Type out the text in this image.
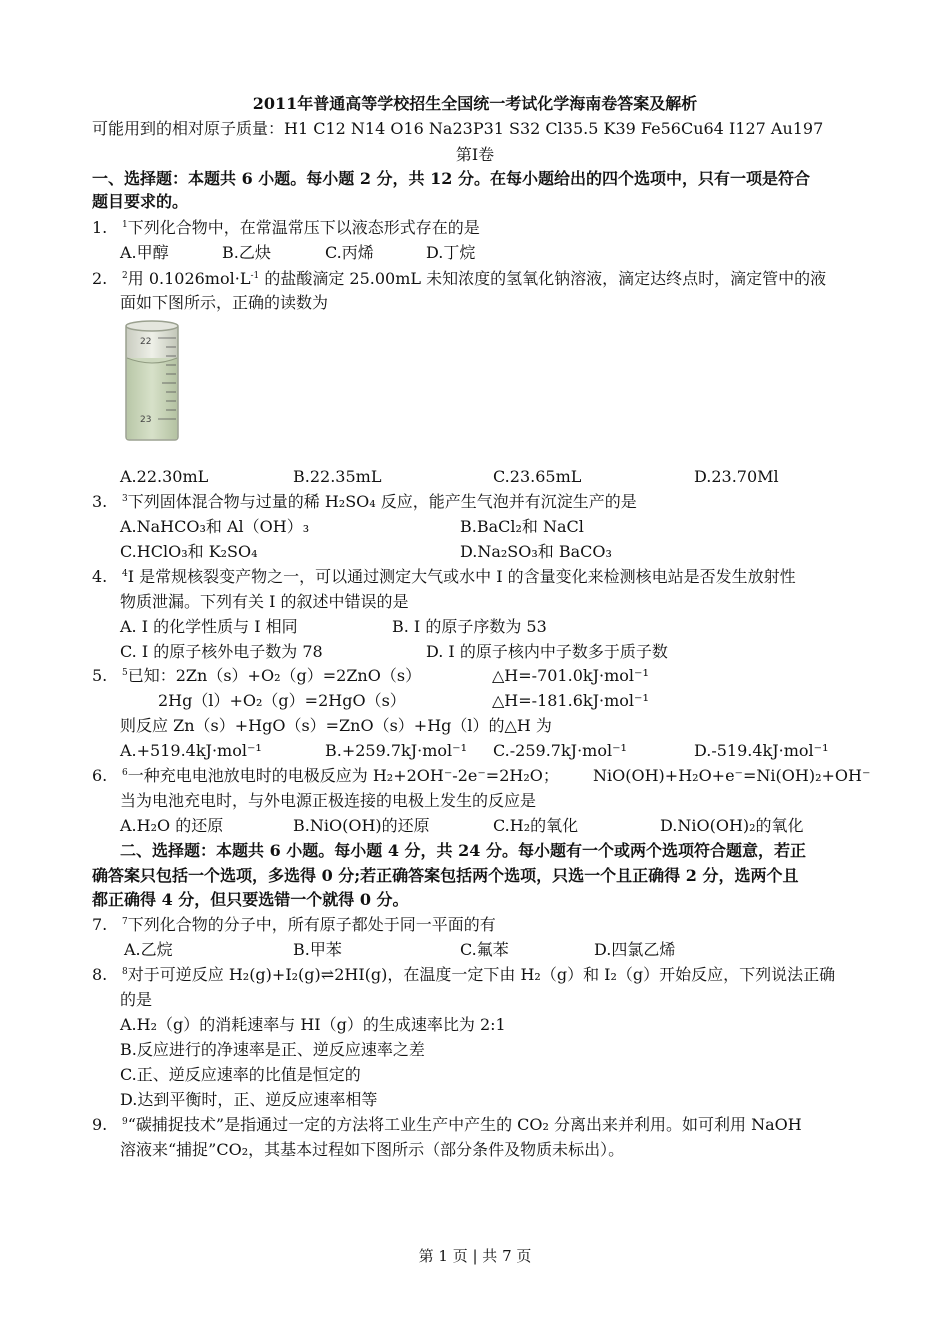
2011年普通高等学校招生全国统一考试化学海南卷答案及解析
可能用到的相对原子质量：H1 C12 N14 O16 Na23P31 S32 Cl35.5 K39 Fe56Cu64 I127 Au197
第Ⅰ卷
一、选择题：本题共 6 小题。每小题 2 分，共 12 分。在每小题给出的四个选项中，只有一项是符合
题目要求的。
1. $^1$下列化合物中，在常温常压下以液态形式存在的是
A.甲醇	B.乙炔	C.丙烯	D.丁烷
2. $^2$用 $0.1026mol\cdot L^{-1}$ 的盐酸滴定 25.00mL 未知浓度的氢氧化钠溶液，滴定达终点时，滴定管中的液
面如下图所示，正确的读数为
22
23
A.22.30mL	B.22.35mL	C.23.65mL	D.23.70Ml
3. $^3$下列固体混合物与过量的稀 H₂SO₄ 反应，能产生气泡并有沉淀生产的是
A.NaHCO₃和 Al（OH）₃	B.BaCl₂和 NaCl
C.HClO₃和 K₂SO₄	D.Na₂SO₃和 BaCO₃
4. $^4$I 是常规核裂变产物之一，可以通过测定大气或水中 I 的含量变化来检测核电站是否发生放射性
物质泄漏。下列有关 I 的叙述中错误的是
A. I 的化学性质与 I 相同	B. I 的原子序数为 53
C. I 的原子核外电子数为 78	D. I 的原子核内中子数多于质子数
5. $^5$已知：2Zn（s）+O₂（g）=2ZnO（s）	△H=-701.0kJ·mol⁻¹
2Hg（l）+O₂（g）=2HgO（s）	△H=-181.6kJ·mol⁻¹
则反应 Zn（s）+HgO（s）=ZnO（s）+Hg（l）的△H 为
A.+519.4kJ·mol⁻¹	B.+259.7kJ·mol⁻¹ C.-259.7kJ·mol⁻¹	D.-519.4kJ·mol⁻¹
6. $^6$一种充电电池放电时的电极反应为 H₂+2OH⁻-2e⁻=2H₂O； NiO(OH)+H₂O+e⁻=Ni(OH)₂+OH⁻
当为电池充电时，与外电源正极连接的电极上发生的反应是
A.H₂O 的还原	B.NiO(OH)的还原	C.H₂的氧化	D.NiO(OH)₂的氧化
二、选择题：本题共 6 小题。每小题 4 分，共 24 分。每小题有一个或两个选项符合题意，若正
确答案只包括一个选项，多选得 0 分;若正确答案包括两个选项，只选一个且正确得 2 分，选两个且
都正确得 4 分，但只要选错一个就得 0 分。
7. $^7$下列化合物的分子中，所有原子都处于同一平面的有
A.乙烷	B.甲苯	C.氟苯	D.四氯乙烯
8. $^8$对于可逆反应 H₂(g)+I₂(g)⇌2HI(g)，在温度一定下由 H₂（g）和 I₂（g）开始反应，下列说法正确
的是
A.H₂（g）的消耗速率与 HI（g）的生成速率比为 2:1
B.反应进行的净速率是正、逆反应速率之差
C.正、逆反应速率的比值是恒定的
D.达到平衡时，正、逆反应速率相等
9. $^9$“碳捕捉技术”是指通过一定的方法将工业生产中产生的 CO₂ 分离出来并利用。如可利用 NaOH
溶液来“捕捉”CO₂，其基本过程如下图所示（部分条件及物质未标出）。
第 1 页 | 共 7 页
